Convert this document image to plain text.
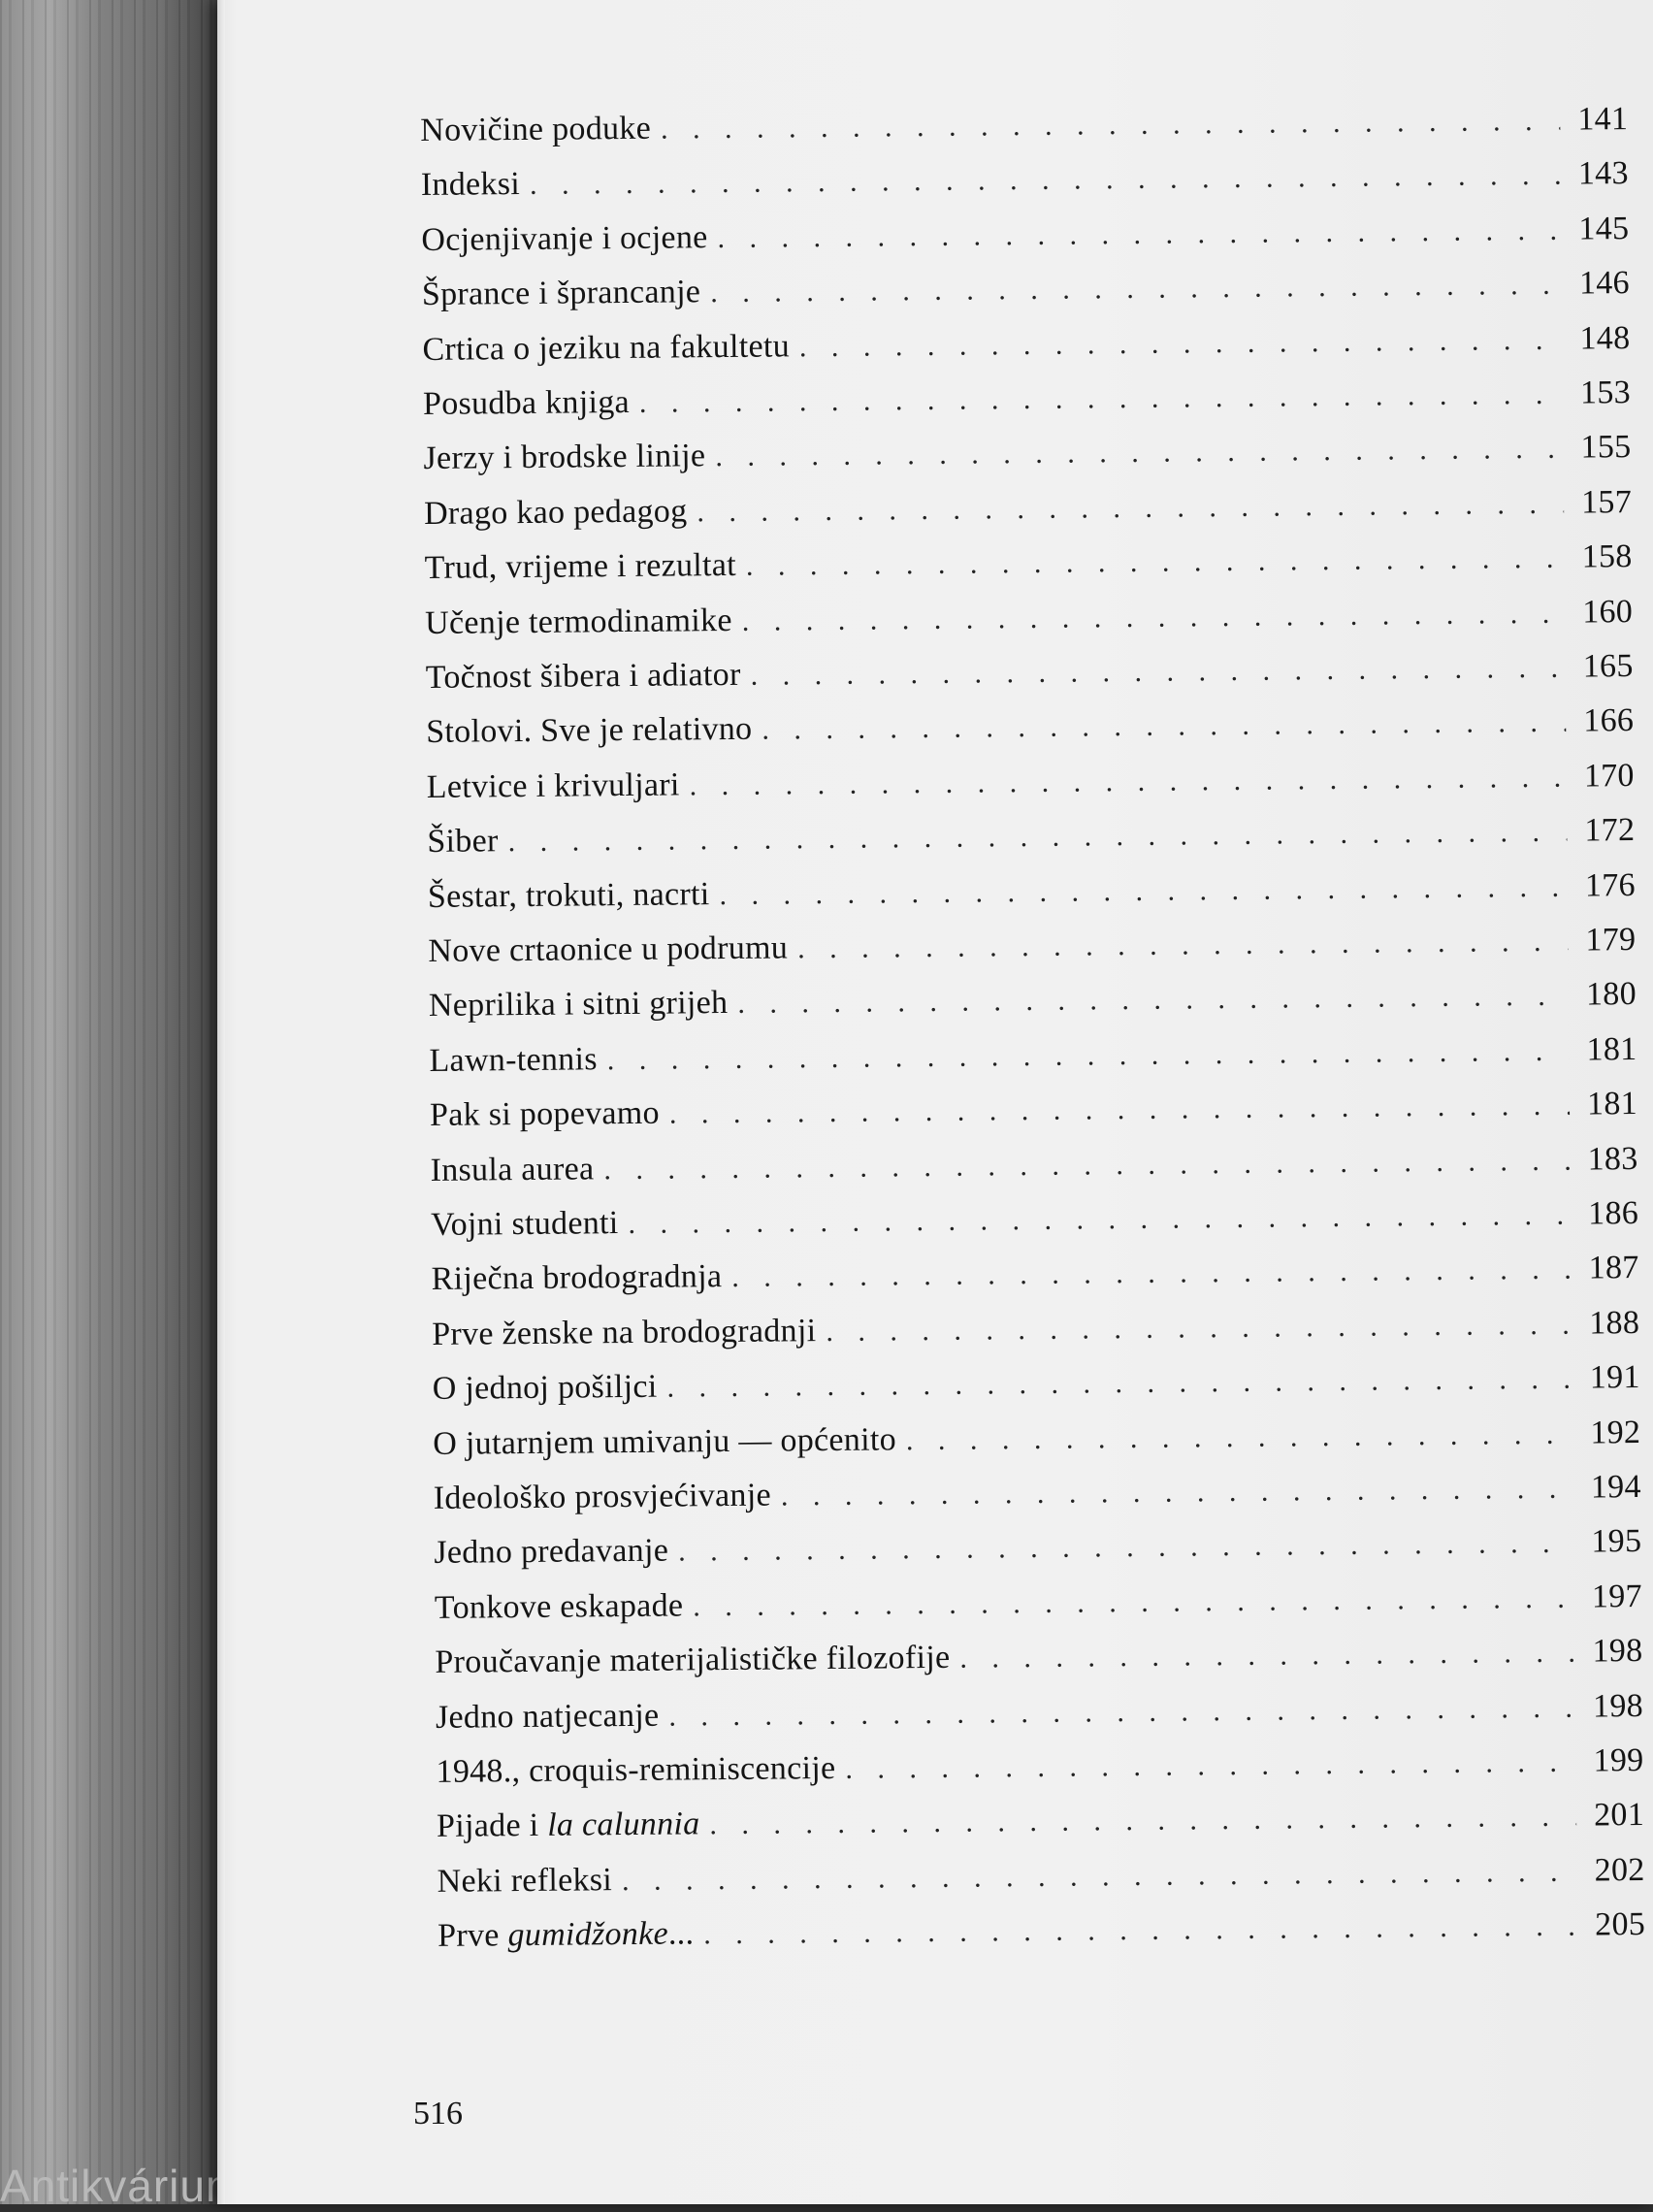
Antikvárium.hu
Novičine poduke . . . . . . . . . . . . . . . . . . . . . . . . . . . . . 141
Indeksi . . . . . . . . . . . . . . . . . . . . . . . . . . . . . . . . . 143
Ocjenjivanje i ocjene . . . . . . . . . . . . . . . . . . . . . . . . . . . 145
Šprance i šprancanje . . . . . . . . . . . . . . . . . . . . . . . . . . . 146
Crtica o jeziku na fakultetu . . . . . . . . . . . . . . . . . . . . . . . . 148
Posudba knjiga . . . . . . . . . . . . . . . . . . . . . . . . . . . . . 153
Jerzy i brodske linije . . . . . . . . . . . . . . . . . . . . . . . . . . . 155
Drago kao pedagog . . . . . . . . . . . . . . . . . . . . . . . . . . . . 157
Trud, vrijeme i rezultat . . . . . . . . . . . . . . . . . . . . . . . . . . 158
Učenje termodinamike . . . . . . . . . . . . . . . . . . . . . . . . . . 160
Točnost šibera i adiator . . . . . . . . . . . . . . . . . . . . . . . . . . 165
Stolovi. Sve je relativno . . . . . . . . . . . . . . . . . . . . . . . . . . 166
Letvice i krivuljari . . . . . . . . . . . . . . . . . . . . . . . . . . . . 170
Šiber . . . . . . . . . . . . . . . . . . . . . . . . . . . . . . . . . . 172
Šestar, trokuti, nacrti . . . . . . . . . . . . . . . . . . . . . . . . . . . 176
Nove crtaonice u podrumu . . . . . . . . . . . . . . . . . . . . . . . . . 179
Neprilika i sitni grijeh . . . . . . . . . . . . . . . . . . . . . . . . . . 180
Lawn-tennis . . . . . . . . . . . . . . . . . . . . . . . . . . . . . . . 181
Pak si popevamo . . . . . . . . . . . . . . . . . . . . . . . . . . . . . 181
Insula aurea . . . . . . . . . . . . . . . . . . . . . . . . . . . . . . . 183
Vojni studenti . . . . . . . . . . . . . . . . . . . . . . . . . . . . . . 186
Riječna brodogradnja . . . . . . . . . . . . . . . . . . . . . . . . . . . 187
Prve ženske na brodogradnji . . . . . . . . . . . . . . . . . . . . . . . . 188
O jednoj pošiljci . . . . . . . . . . . . . . . . . . . . . . . . . . . . . 191
O jutarnjem umivanju — općenito . . . . . . . . . . . . . . . . . . . . . 192
Ideološko prosvjećivanje . . . . . . . . . . . . . . . . . . . . . . . . . 194
Jedno predavanje . . . . . . . . . . . . . . . . . . . . . . . . . . . . 195
Tonkove eskapade . . . . . . . . . . . . . . . . . . . . . . . . . . . . 197
Proučavanje materijalističke filozofije . . . . . . . . . . . . . . . . . . . . 198
Jedno natjecanje . . . . . . . . . . . . . . . . . . . . . . . . . . . . . 198
1948., croquis-reminiscencije . . . . . . . . . . . . . . . . . . . . . . . 199
Pijade i la calunnia . . . . . . . . . . . . . . . . . . . . . . . . . . . . 201
Neki refleksi . . . . . . . . . . . . . . . . . . . . . . . . . . . . . . 202
Prve gumidžonke... . . . . . . . . . . . . . . . . . . . . . . . . . . . . 205
516
